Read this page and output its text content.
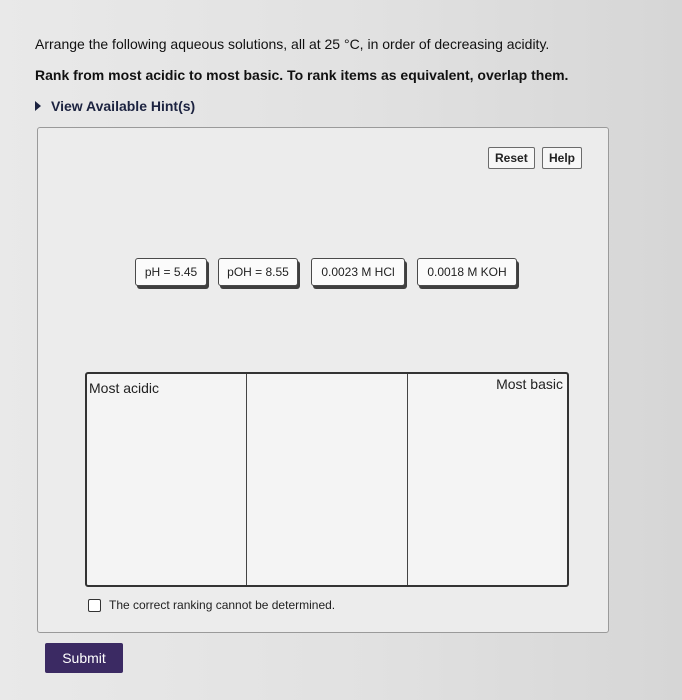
Arrange the following aqueous solutions, all at 25 °C, in order of decreasing acidity.
Rank from most acidic to most basic. To rank items as equivalent, overlap them.
View Available Hint(s)
Reset	Help
pH = 5.45	pOH = 8.55	0.0023 M HCl	0.0018 M KOH
Most acidic	Most basic
The correct ranking cannot be determined.
Submit
